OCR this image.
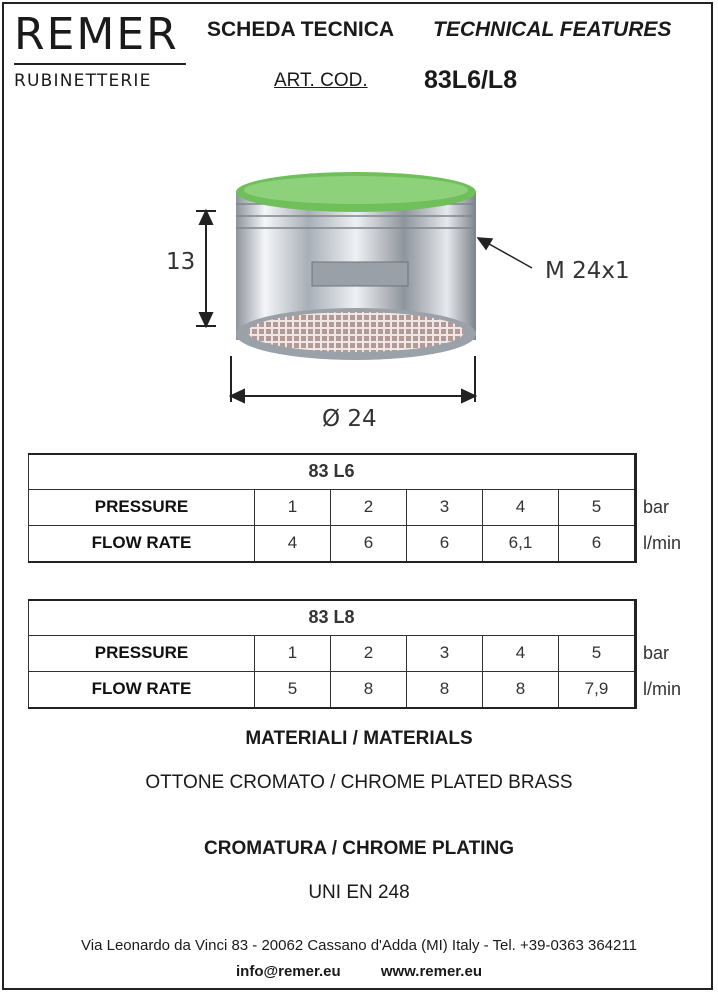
REMER
RUBINETTERIE
SCHEDA TECNICA TECHNICAL FEATURES
ART. COD. 83L6/L8
13
Ø 24
M 24x1
83 L6						
PRESSURE	1	2	3	4	5	bar
FLOW RATE	4	6	6	6,1	6	l/min
83 L8						
PRESSURE	1	2	3	4	5	bar
FLOW RATE	5	8	8	8	7,9	l/min
MATERIALI / MATERIALS
OTTONE CROMATO / CHROME PLATED BRASS
CROMATURA / CHROME PLATING
UNI EN 248
Via Leonardo da Vinci 83 - 20062 Cassano d'Adda (MI) Italy - Tel. +39-0363 364211
info@remer.eu	www.remer.eu
